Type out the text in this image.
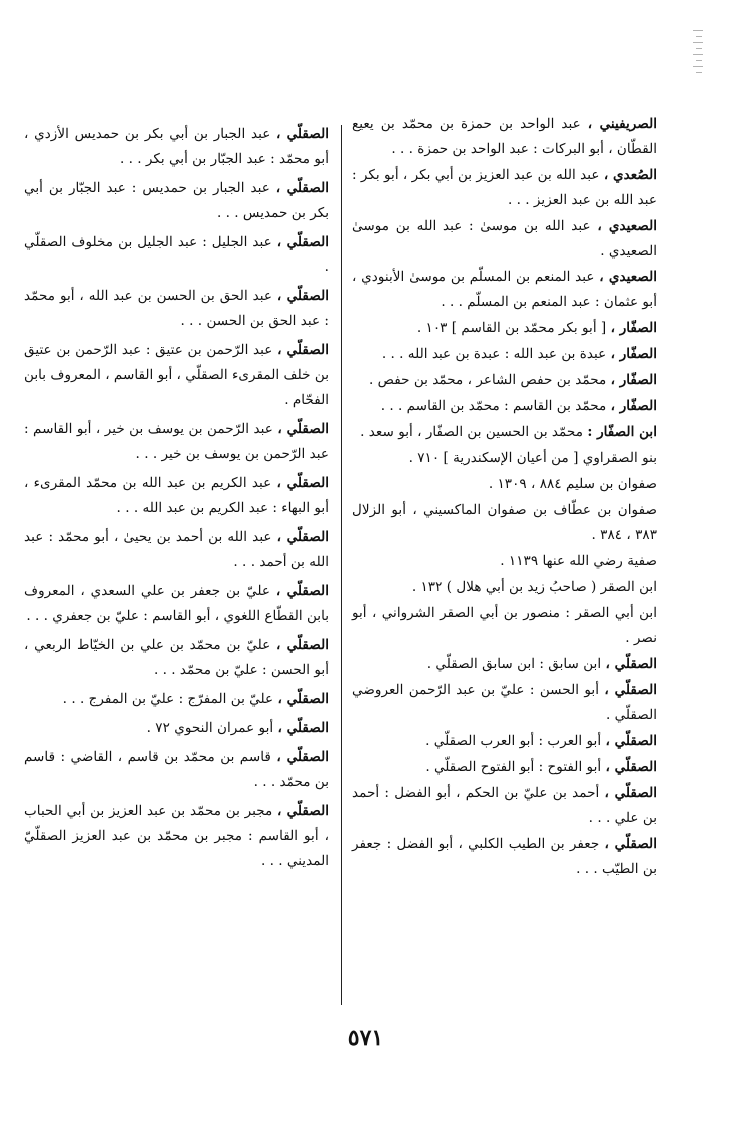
الصريفيني ، عبد الواحد بن حمزة بن محمّد بن يعيع القطّان ، أبو البركات : عبد الواحد بن حمزة . . .
الصُعدي ، عبد الله بن عبد العزيز بن أبي بكر ، أبو بكر : عبد الله بن عبد العزيز . . .
الصعيدي ، عبد الله بن موسىٰ : عبد الله بن موسىٰ الصعيدي .
الصعيدي ، عبد المنعم بن المسلّم بن موسىٰ الأبنودي ، أبو عثمان : عبد المنعم بن المسلّم . . .
الصفّار ، [ أبو بكر محمّد بن القاسم ] ١٠٣ .
الصفّار ، عبدة بن عبد الله : عبدة بن عبد الله . . .
الصفّار ، محمّد بن حفص الشاعر ، محمّد بن حفص .
الصفّار ، محمّد بن القاسم : محمّد بن القاسم . . .
ابن الصفّار : محمّد بن الحسين بن الصفّار ، أبو سعد .
بنو الصقراوي [ من أعيان الإسكندرية ] ٧١٠ .
صفوان بن سليم ٨٨٤ ، ١٣٠٩ .
صفوان بن عطّاف بن صفوان الماكسيني ، أبو الزلال ٣٨٣ ، ٣٨٤ .
صفية رضي الله عنها ١١٣٩ .
ابن الصقر ( صاحبُ زيد بن أبي هلال ) ١٣٢ .
ابن أبي الصقر : منصور بن أبي الصقر الشرواني ، أبو نصر .
الصقلّي ، ابن سابق : ابن سابق الصقلّي .
الصقلّي ، أبو الحسن : عليّ بن عبد الرّحمن العروضي الصقلّي .
الصقلّي ، أبو العرب : أبو العرب الصقلّي .
الصقلّي ، أبو الفتوح : أبو الفتوح الصقلّي .
الصقلّي ، أحمد بن عليّ بن الحكم ، أبو الفضل : أحمد بن علي . . .
الصقلّي ، جعفر بن الطيب الكلبي ، أبو الفضل : جعفر بن الطيّب . . .
الصقلّي ، عبد الجبار بن أبي بكر بن حمديس الأزدي ، أبو محمّد : عبد الجبّار بن أبي بكر . . .
الصقلّي ، عبد الجبار بن حمديس : عبد الجبّار بن أبي بكر بن حمديس . . .
الصقلّي ، عبد الجليل : عبد الجليل بن مخلوف الصقلّي .
الصقلّي ، عبد الحق بن الحسن بن عبد الله ، أبو محمّد : عبد الحق بن الحسن . . .
الصقلّي ، عبد الرّحمن بن عتيق : عبد الرّحمن بن عتيق بن خلف المقرىء الصقلّي ، أبو القاسم ، المعروف بابن الفحّام .
الصقلّي ، عبد الرّحمن بن يوسف بن خير ، أبو القاسم : عبد الرّحمن بن يوسف بن خير . . .
الصقلّي ، عبد الكريم بن عبد الله بن محمّد المقرىء ، أبو البهاء : عبد الكريم بن عبد الله . . .
الصقلّي ، عبد الله بن أحمد بن يحيىٰ ، أبو محمّد : عبد الله بن أحمد . . .
الصقلّي ، عليّ بن جعفر بن علي السعدي ، المعروف بابن القطّاع اللغوي ، أبو القاسم : عليّ بن جعفري . . .
الصقلّي ، عليّ بن محمّد بن علي بن الخيّاط الربعي ، أبو الحسن : عليّ بن محمّد . . .
الصقلّي ، عليّ بن المفرّج : عليّ بن المفرج . . .
الصقلّي ، أبو عمران النحوي ٧٢ .
الصقلّي ، قاسم بن محمّد بن قاسم ، القاضي : قاسم بن محمّد . . .
الصقلّي ، مجبر بن محمّد بن عبد العزيز بن أبي الحباب ، أبو القاسم : مجبر بن محمّد بن عبد العزيز الصقلّيّ المديني . . .
٥٧١
